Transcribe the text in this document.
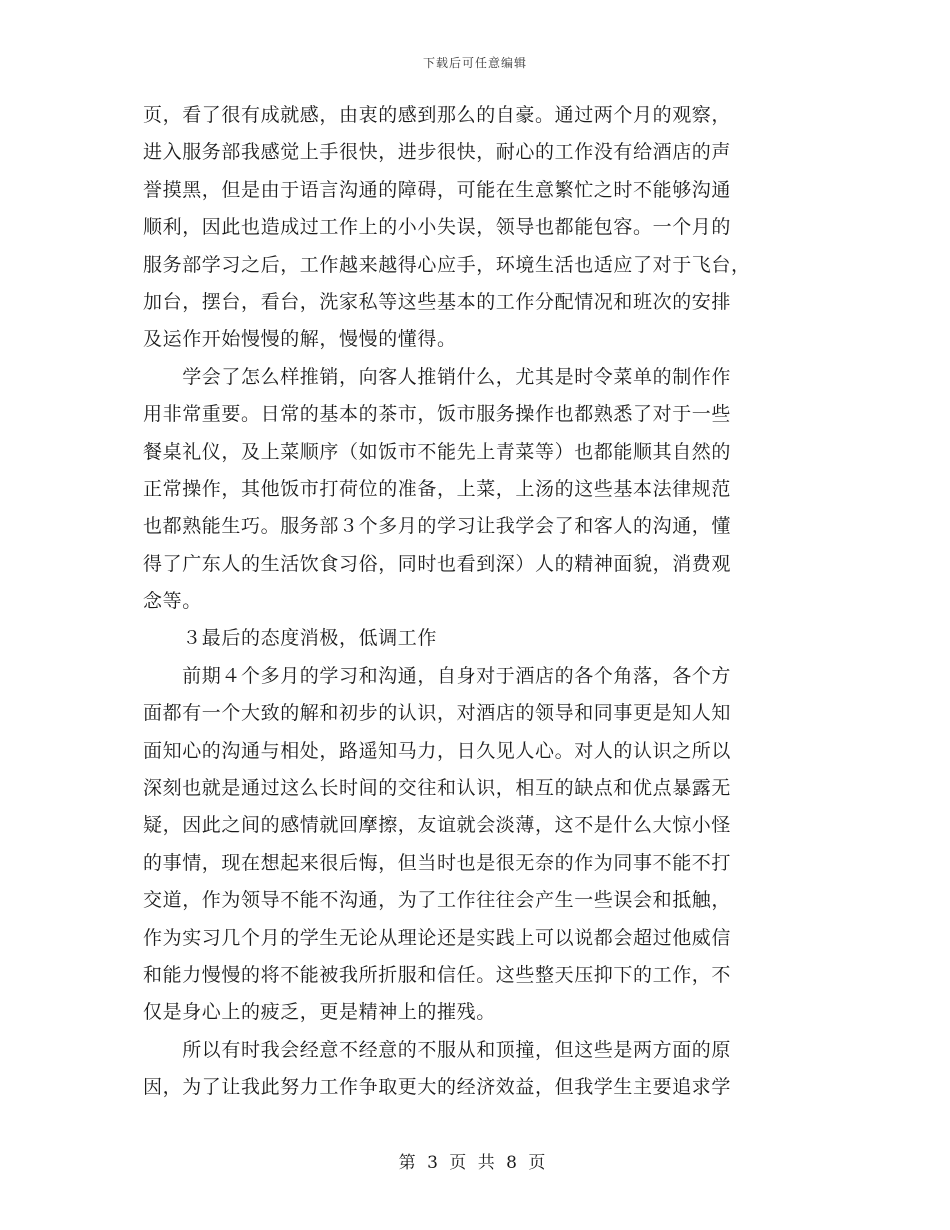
下载后可任意编辑
页，看了很有成就感，由衷的感到那么的自豪。通过两个月的观察，
进入服务部我感觉上手很快，进步很快，耐心的工作没有给酒店的声
誉摸黑，但是由于语言沟通的障碍，可能在生意繁忙之时不能够沟通
顺利，因此也造成过工作上的小小失误，领导也都能包容。一个月的
服务部学习之后，工作越来越得心应手，环境生活也适应了对于飞台，
加台，摆台，看台，洗家私等这些基本的工作分配情况和班次的安排
及运作开始慢慢的解，慢慢的懂得。
　　学会了怎么样推销，向客人推销什么，尤其是时令菜单的制作作
用非常重要。日常的基本的茶市，饭市服务操作也都熟悉了对于一些
餐桌礼仪，及上菜顺序（如饭市不能先上青菜等）也都能顺其自然的
正常操作，其他饭市打荷位的准备，上菜，上汤的这些基本法律规范
也都熟能生巧。服务部３个多月的学习让我学会了和客人的沟通，懂
得了广东人的生活饮食习俗，同时也看到深）人的精神面貌，消费观
念等。
　　３最后的态度消极，低调工作
　　前期４个多月的学习和沟通，自身对于酒店的各个角落，各个方
面都有一个大致的解和初步的认识，对酒店的领导和同事更是知人知
面知心的沟通与相处，路遥知马力，日久见人心。对人的认识之所以
深刻也就是通过这么长时间的交往和认识，相互的缺点和优点暴露无
疑，因此之间的感情就回摩擦，友谊就会淡薄，这不是什么大惊小怪
的事情，现在想起来很后悔，但当时也是很无奈的作为同事不能不打
交道，作为领导不能不沟通，为了工作往往会产生一些误会和抵触，
作为实习几个月的学生无论从理论还是实践上可以说都会超过他威信
和能力慢慢的将不能被我所折服和信任。这些整天压抑下的工作，不
仅是身心上的疲乏，更是精神上的摧残。
　　所以有时我会经意不经意的不服从和顶撞，但这些是两方面的原
因，为了让我此努力工作争取更大的经济效益，但我学生主要追求学
第 3 页 共 8 页
